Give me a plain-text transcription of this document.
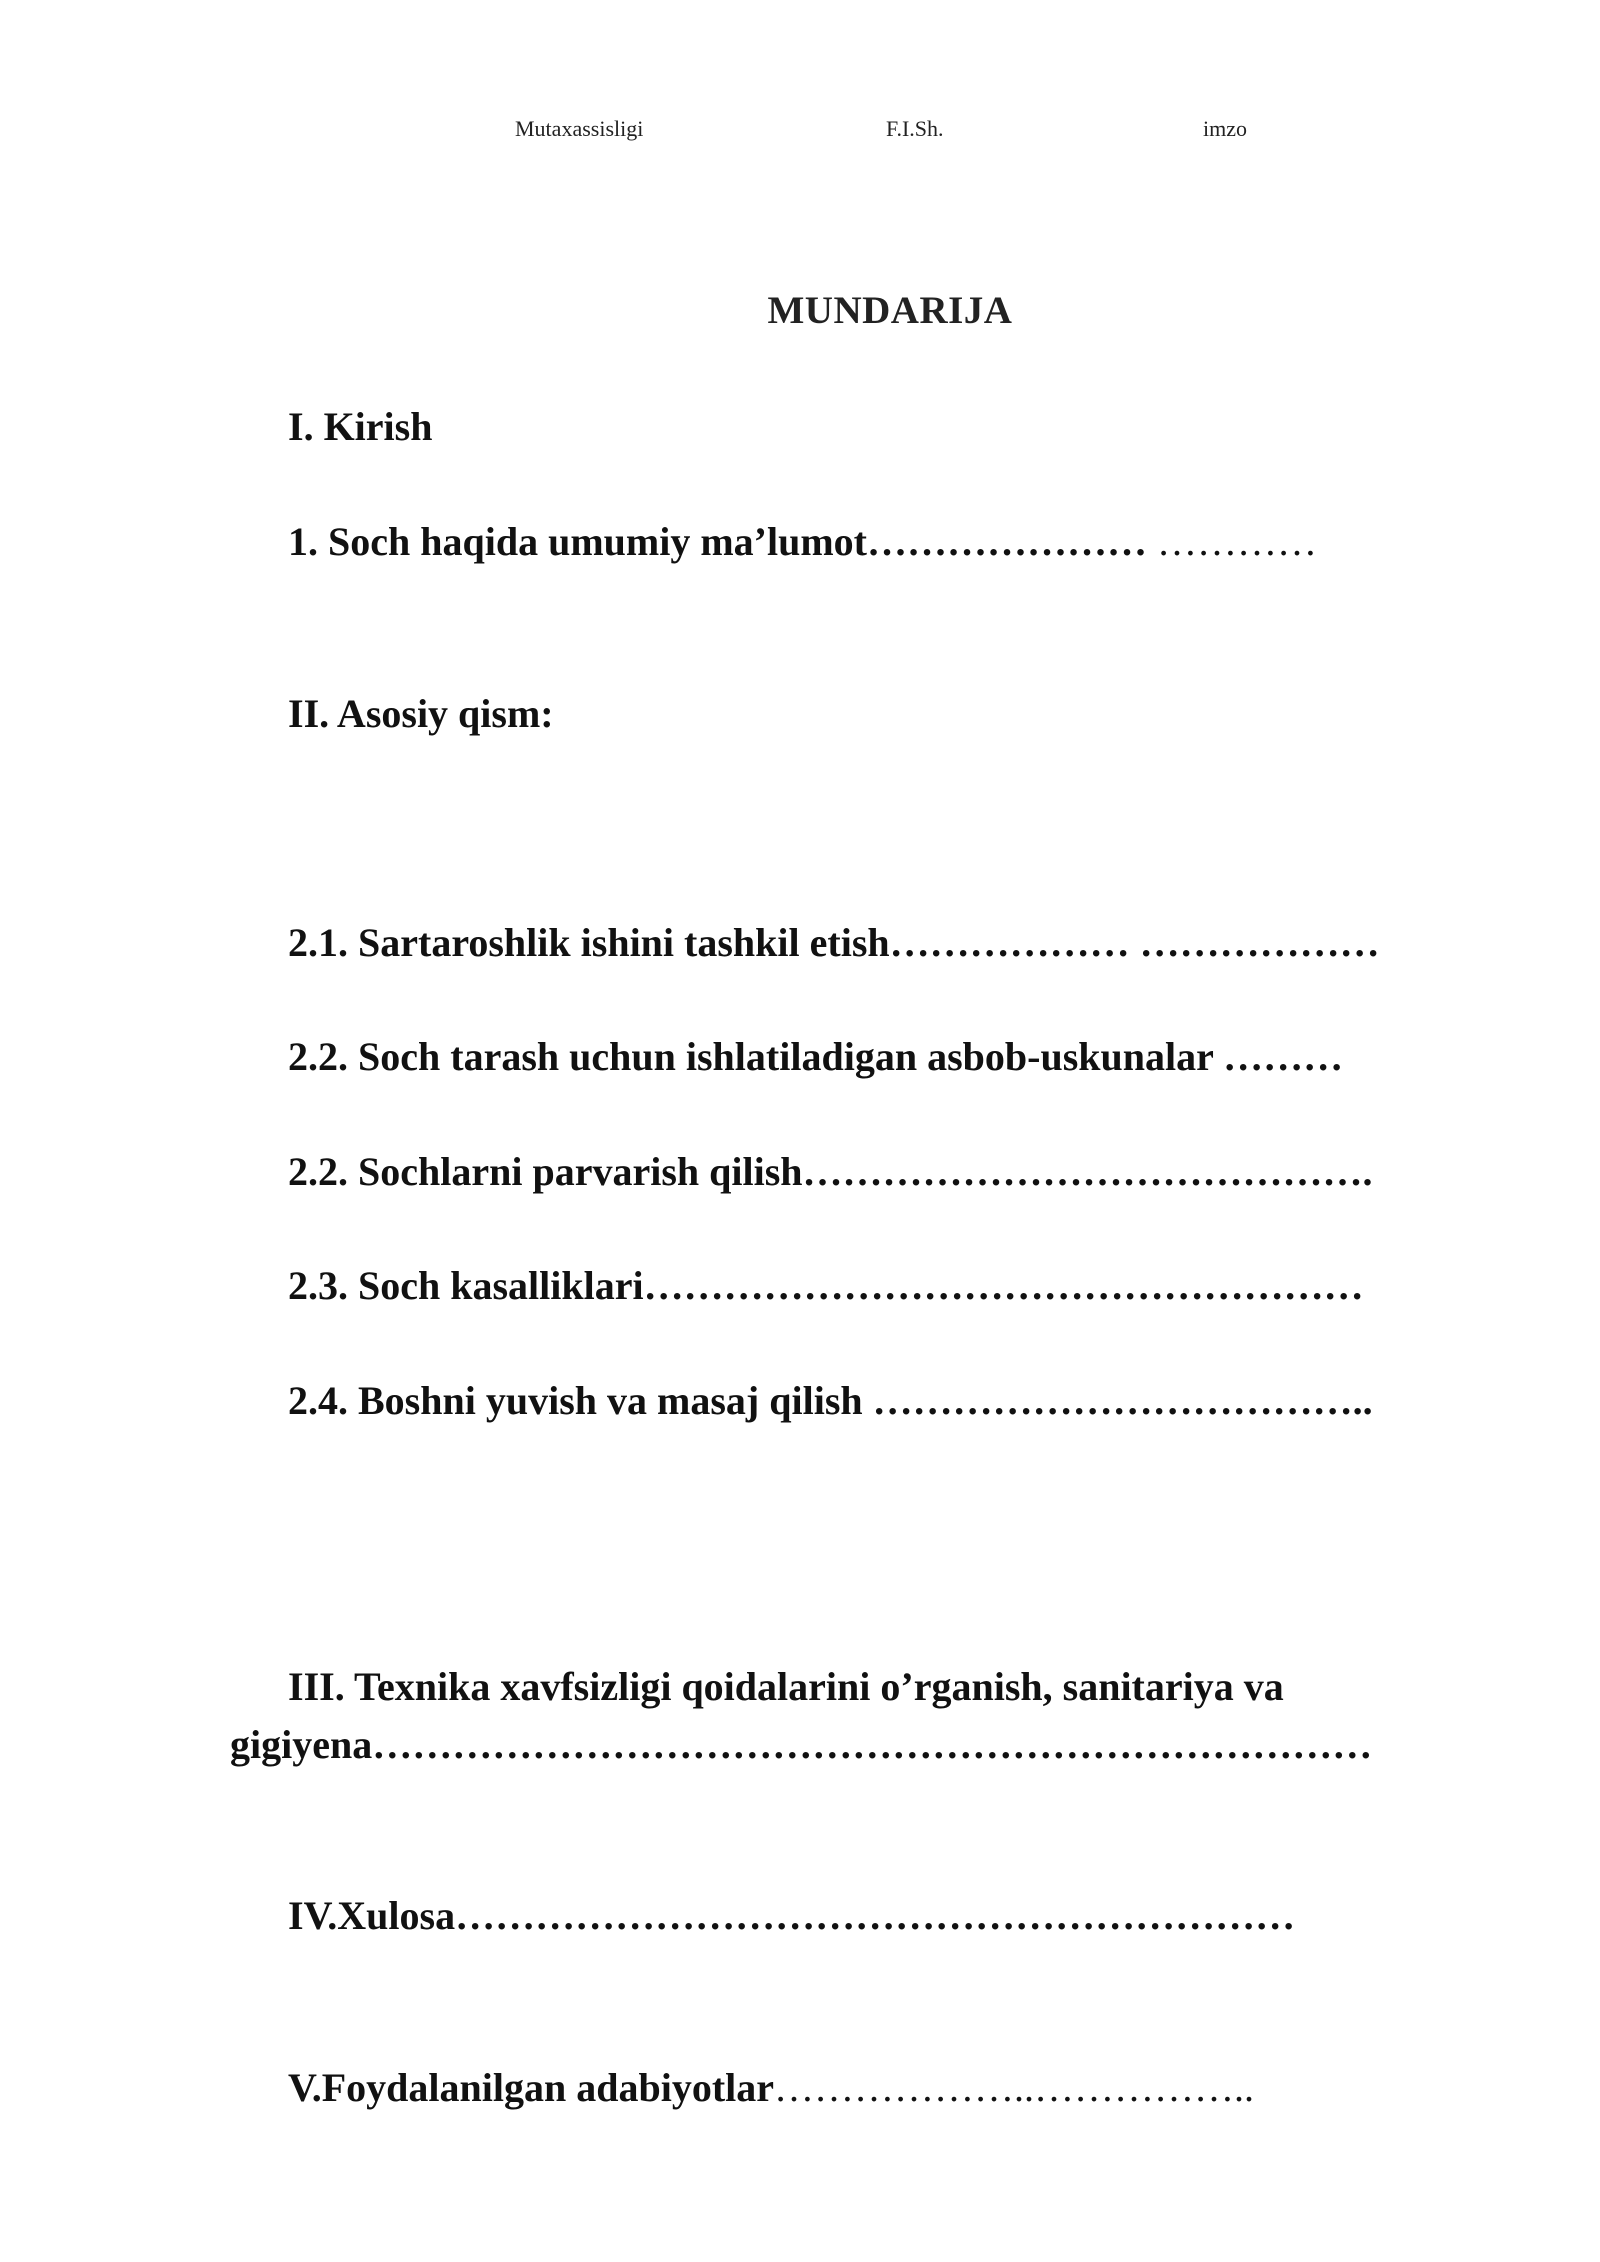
Mutaxassisligi	F.I.Sh.	imzo
MUNDARIJA
I. Kirish
1. Soch haqida umumiy ma’lumot………………… …………
II. Asosiy qism:
2.1. Sartaroshlik ishini tashkil etish……………… ………………
2.2. Soch tarash uchun ishlatiladigan asbob-uskunalar ………
2.2. Sochlarni parvarish qilish…………………………………….
2.3. Soch kasalliklari………………………………………………
2.4. Boshni yuvish va masaj qilish ………………………………..
III. Texnika xavfsizligi qoidalarini o’rganish, sanitariya va
gigiyena…………………………………………………………………
IV.Xulosa………………………………………………………
V.Foydalanilgan adabiyotlar………………..……………..
